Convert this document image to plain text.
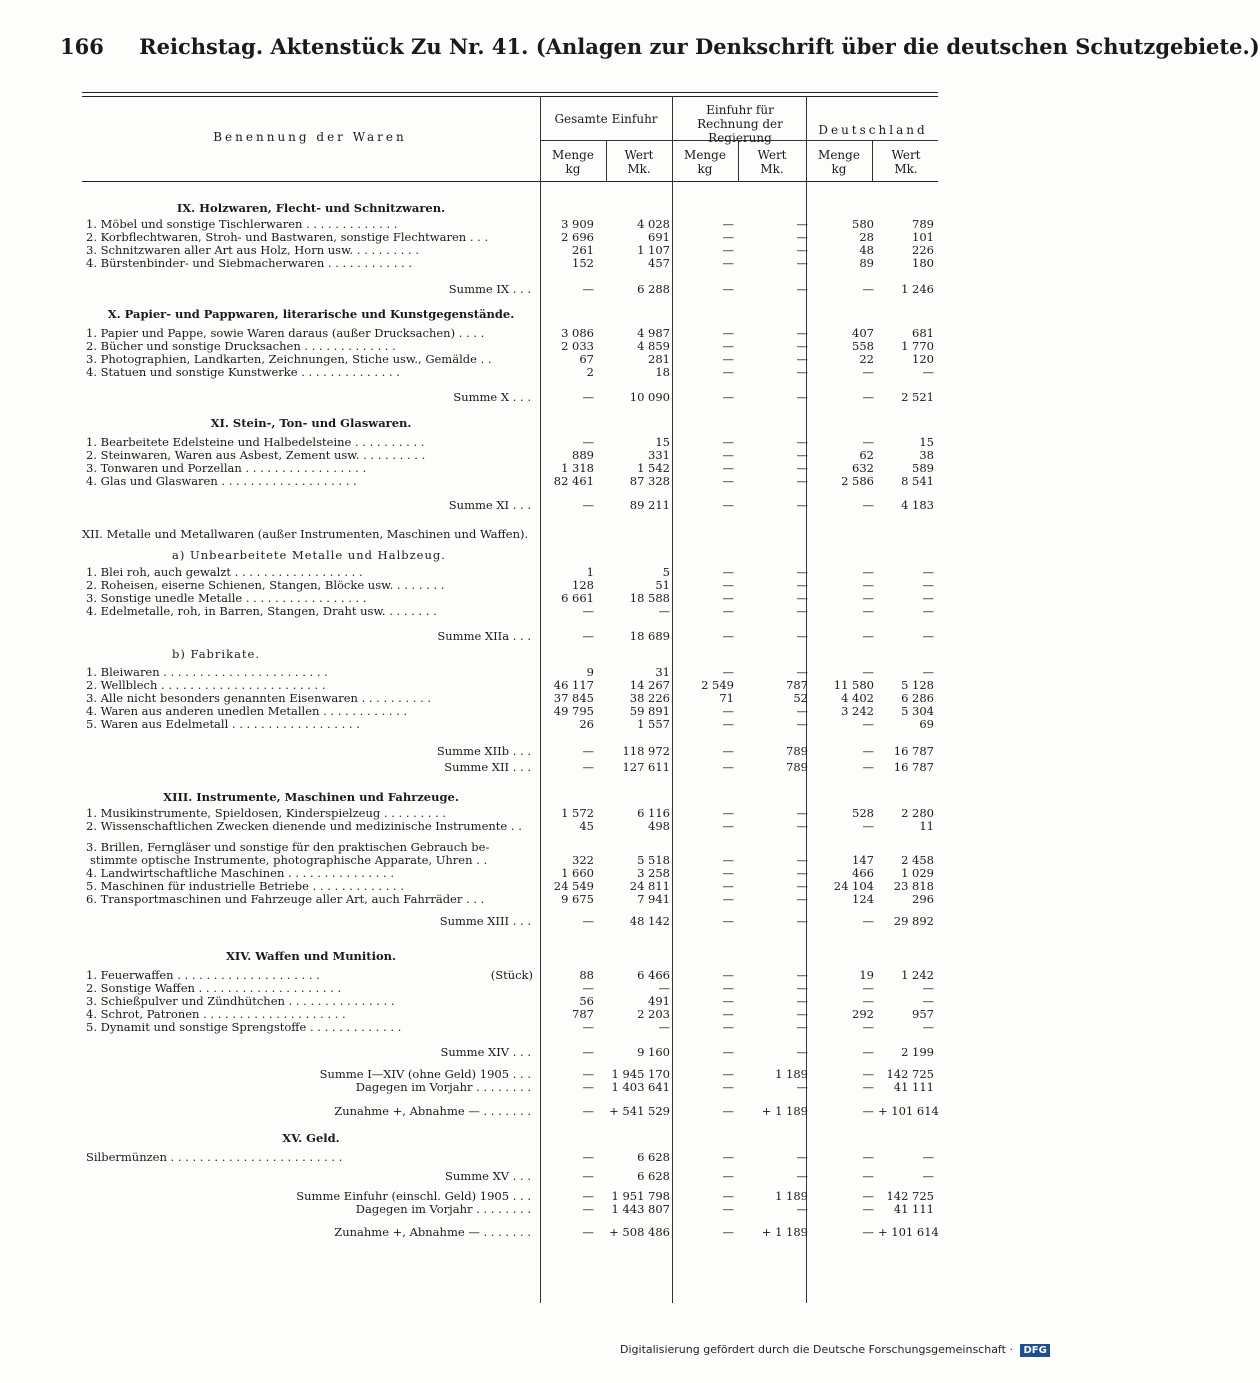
166 Reichstag. Aktenstück Zu Nr. 41. (Anlagen zur Denkschrift über die deutschen Schutzgebiete.)
Benennung der Waren
Gesamte Einfuhr
Einfuhr für Rechnung der Regierung
Deutschland
Menge
kg
Wert
Mk.
Menge
kg
Wert
Mk.
Menge
kg
Wert
Mk.
IX. Holzwaren, Flecht- und Schnitzwaren.
1. Möbel und sonstige Tischlerwaren . . . . . . . . . . . . .	3 909	4 028	—	—	580	789
2. Korbflechtwaren, Stroh- und Bastwaren, sonstige Flechtwaren . . .	2 696	691	—	—	28	101
3. Schnitzwaren aller Art aus Holz, Horn usw. . . . . . . . . .	261	1 107	—	—	48	226
4. Bürstenbinder- und Siebmacherwaren . . . . . . . . . . . .	152	457	—	—	89	180
Summe IX . . .	—	6 288	—	—	—	1 246
X. Papier- und Pappwaren, literarische und Kunstgegenstände.
1. Papier und Pappe, sowie Waren daraus (außer Drucksachen) . . . .	3 086	4 987	—	—	407	681
2. Bücher und sonstige Drucksachen . . . . . . . . . . . . .	2 033	4 859	—	—	558	1 770
3. Photographien, Landkarten, Zeichnungen, Stiche usw., Gemälde . .	67	281	—	—	22	120
4. Statuen und sonstige Kunstwerke . . . . . . . . . . . . . .	2	18	—	—	—	—
Summe X . . .	—	10 090	—	—	—	2 521
XI. Stein-, Ton- und Glaswaren.
1. Bearbeitete Edelsteine und Halbedelsteine . . . . . . . . . .	—	15	—	—	—	15
2. Steinwaren, Waren aus Asbest, Zement usw. . . . . . . . . .	889	331	—	—	62	38
3. Tonwaren und Porzellan . . . . . . . . . . . . . . . . .	1 318	1 542	—	—	632	589
4. Glas und Glaswaren . . . . . . . . . . . . . . . . . . .	82 461	87 328	—	—	2 586	8 541
Summe XI . . .	—	89 211	—	—	—	4 183
XII. Metalle und Metallwaren (außer Instrumenten, Maschinen und Waffen).
a) Unbearbeitete Metalle und Halbzeug.
1. Blei roh, auch gewalzt . . . . . . . . . . . . . . . . . .	1	5	—	—	—	—
2. Roheisen, eiserne Schienen, Stangen, Blöcke usw. . . . . . . .	128	51	—	—	—	—
3. Sonstige unedle Metalle . . . . . . . . . . . . . . . . .	6 661	18 588	—	—	—	—
4. Edelmetalle, roh, in Barren, Stangen, Draht usw. . . . . . . .	—	—	—	—	—	—
Summe XIIa . . .	—	18 689	—	—	—	—
b) Fabrikate.
1. Bleiwaren . . . . . . . . . . . . . . . . . . . . . . .	9	31	—	—	—	—
2. Wellblech . . . . . . . . . . . . . . . . . . . . . . .	46 117	14 267	2 549	787	11 580	5 128
3. Alle nicht besonders genannten Eisenwaren . . . . . . . . . .	37 845	38 226	71	52	4 402	6 286
4. Waren aus anderen unedlen Metallen . . . . . . . . . . . .	49 795	59 891	—	—	3 242	5 304
5. Waren aus Edelmetall . . . . . . . . . . . . . . . . . .	26	1 557	—	—	—	69
Summe XIIb . . .	—	118 972	—	789	—	16 787
Summe XII . . .	—	127 611	—	789	—	16 787
XIII. Instrumente, Maschinen und Fahrzeuge.
1. Musikinstrumente, Spieldosen, Kinderspielzeug . . . . . . . . .	1 572	6 116	—	—	528	2 280
2. Wissenschaftlichen Zwecken dienende und medizinische Instrumente . .	45	498	—	—	—	11
3. Brillen, Ferngläser und sonstige für den praktischen Gebrauch be-
stimmte optische Instrumente, photographische Apparate, Uhren . .	322	5 518	—	—	147	2 458
4. Landwirtschaftliche Maschinen . . . . . . . . . . . . . . .	1 660	3 258	—	—	466	1 029
5. Maschinen für industrielle Betriebe . . . . . . . . . . . . .	24 549	24 811	—	—	24 104	23 818
6. Transportmaschinen und Fahrzeuge aller Art, auch Fahrräder . . .	9 675	7 941	—	—	124	296
Summe XIII . . .	—	48 142	—	—	—	29 892
XIV. Waffen und Munition.
1. Feuerwaffen . . . . . . . . . . . . . . . . . . . .	(Stück)	88	6 466	—	—	19	1 242
2. Sonstige Waffen . . . . . . . . . . . . . . . . . . . .	—	—	—	—	—	—
3. Schießpulver und Zündhütchen . . . . . . . . . . . . . . .	56	491	—	—	—	—
4. Schrot, Patronen . . . . . . . . . . . . . . . . . . . .	787	2 203	—	—	292	957
5. Dynamit und sonstige Sprengstoffe . . . . . . . . . . . . .	—	—	—	—	—	—
Summe XIV . . .	—	9 160	—	—	—	2 199
Summe I—XIV (ohne Geld) 1905 . . .	—	1 945 170	—	1 189	—	142 725
Dagegen im Vorjahr . . . . . . . .	—	1 403 641	—	—	—	41 111
Zunahme +, Abnahme — . . . . . . .	—	+ 541 529	—	+ 1 189	— + 101 614
XV. Geld.
Silbermünzen . . . . . . . . . . . . . . . . . . . . . . . .	—	6 628	—	—	—	—
Summe XV . . .	—	6 628	—	—	—	—
Summe Einfuhr (einschl. Geld) 1905 . . .	—	1 951 798	—	1 189	—	142 725
Dagegen im Vorjahr . . . . . . . .	—	1 443 807	—	—	—	41 111
Zunahme +, Abnahme — . . . . . . .	—	+ 508 486	—	+ 1 189	— + 101 614
Digitalisierung gefördert durch die Deutsche Forschungsgemeinschaft · DFG
